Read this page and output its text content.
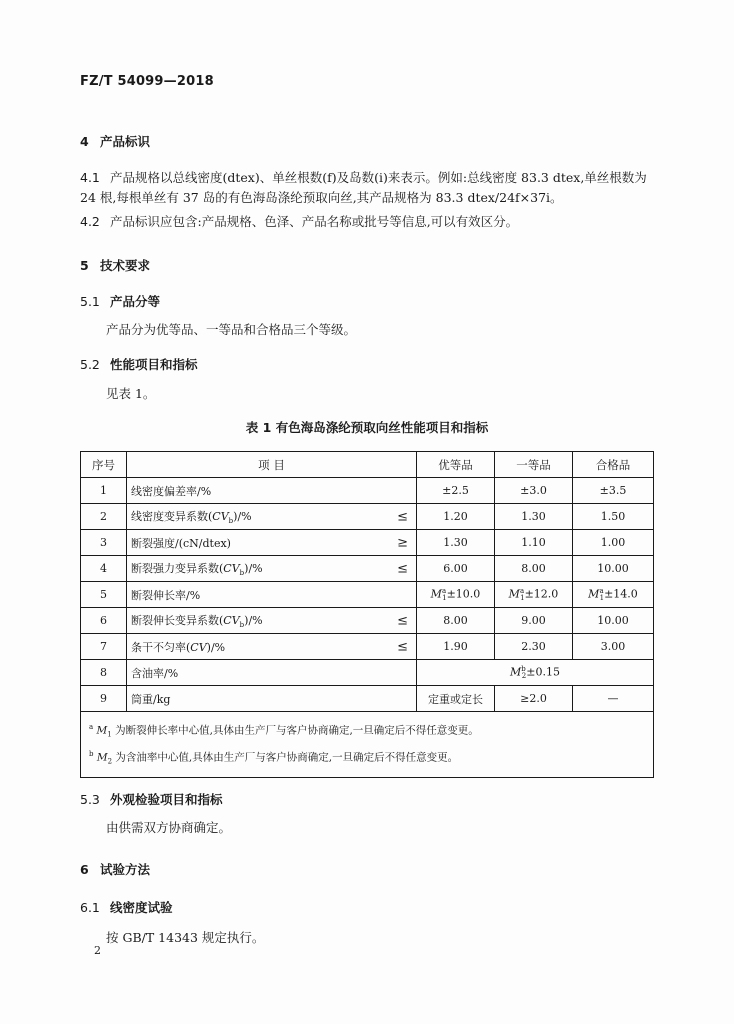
FZ/T 54099—2018
4 产品标识
4.1 产品规格以总线密度(dtex)、单丝根数(f)及岛数(i)来表示。例如:总线密度 83.3 dtex,单丝根数为 24 根,每根单丝有 37 岛的有色海岛涤纶预取向丝,其产品规格为 83.3 dtex/24f×37i。
4.2 产品标识应包含:产品规格、色泽、产品名称或批号等信息,可以有效区分。
5 技术要求
5.1 产品分等
产品分为优等品、一等品和合格品三个等级。
5.2 性能项目和指标
见表 1。
表 1 有色海岛涤纶预取向丝性能项目和指标
序号	项 目	优等品	一等品	合格品
1	线密度偏差率/%	±2.5	±3.0	±3.5
2	线密度变异系数$(CV_b)/\%$ ≤	1.20	1.30	1.50
3	断裂强度/(cN/dtex) ≥	1.30	1.10	1.00
4	断裂强力变异系数$(CV_b)/\%$ ≤	6.00	8.00	10.00
5	断裂伸长率/%	$M^a_1\pm 10.0$	$M^a_1\pm 12.0$	$M^a_1\pm 14.0$
6	断裂伸长变异系数$(CV_b)/\%$ ≤	8.00	9.00	10.00
7	条干不匀率(CV)/% ≤	1.90	2.30	3.00
8	含油率/%	$M^b_2\pm 0.15$		
9	筒重/kg	定重或定长	≥2.0	—

$^a$ $M_1$ 为断裂伸长率中心值,具体由生产厂与客户协商确定,一旦确定后不得任意变更。
$^b$ $M_2$ 为含油率中心值,具体由生产厂与客户协商确定,一旦确定后不得任意变更。				
5.3 外观检验项目和指标
由供需双方协商确定。
6 试验方法
6.1 线密度试验
按 GB/T 14343 规定执行。
2
